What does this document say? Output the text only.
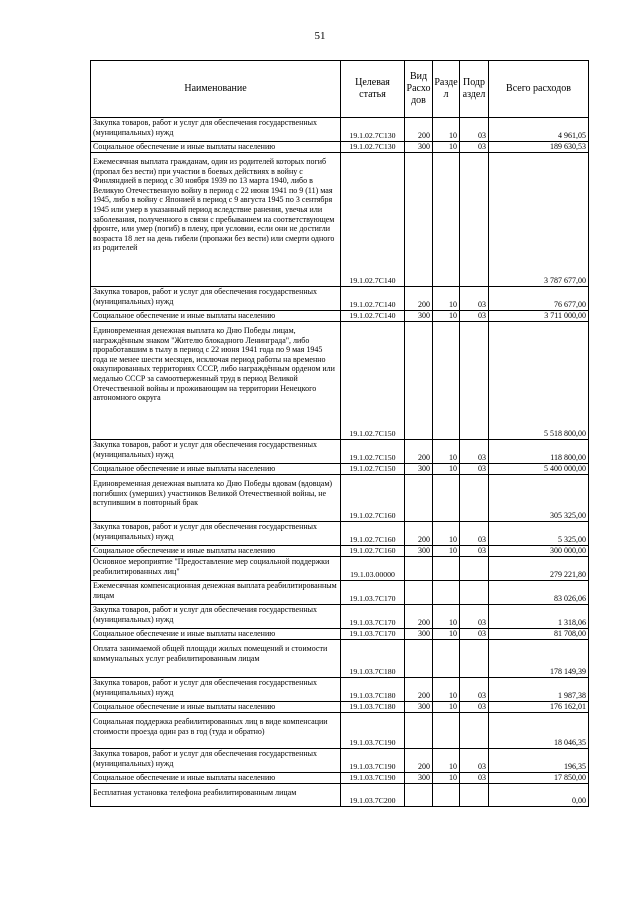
51
Наименование	Целевая статья	Вид Расхо дов	Разде л	Подр аздел	Всего расходов
Закупка товаров, работ и услуг для обеспечения государственных (муниципальных) нужд	19.1.02.7С130	200	10	03	4 961,05
Социальное обеспечение и иные выплаты населению	19.1.02.7С130	300	10	03	189 630,53
Ежемесячная выплата гражданам, один из родителей которых погиб (пропал без вести) при участии в боевых действиях в войну с Финляндией в период с 30 ноября 1939 по 13 марта 1940, либо в Великую Отечественную войну в период с 22 июня 1941 по 9 (11) мая 1945, либо в войну с Японией в период с 9 августа 1945 по 3 сентября 1945 или умер в указанный период вследствие ранения, увечья или заболевания, полученного в связи с пребыванием на соответствующем фронте, или умер (погиб) в плену, при условии, если они не достигли возраста 18 лет на день гибели (пропажи без вести) или смерти одного из родителей	19.1.02.7С140				3 787 677,00
Закупка товаров, работ и услуг для обеспечения государственных (муниципальных) нужд	19.1.02.7С140	200	10	03	76 677,00
Социальное обеспечение и иные выплаты населению	19.1.02.7С140	300	10	03	3 711 000,00
Единовременная денежная выплата ко Дню Победы лицам, награждённым знаком "Жителю блокадного Ленинграда", либо проработавшим в тылу в период с 22 июня 1941 года по 9 мая 1945 года не менее шести месяцев, исключая период работы на временно оккупированных территориях СССР, либо награждённым орденом или медалью СССР за самоотверженный труд в период Великой Отечественной войны и проживающим на территории Ненецкого автономного округа	19.1.02.7С150				5 518 800,00
Закупка товаров, работ и услуг для обеспечения государственных (муниципальных) нужд	19.1.02.7С150	200	10	03	118 800,00
Социальное обеспечение и иные выплаты населению	19.1.02.7С150	300	10	03	5 400 000,00
Единовременная денежная выплата ко Дню Победы вдовам (вдовцам) погибших (умерших) участников Великой Отечественной войны, не вступившим в повторный брак	19.1.02.7С160				305 325,00
Закупка товаров, работ и услуг для обеспечения государственных (муниципальных) нужд	19.1.02.7С160	200	10	03	5 325,00
Социальное обеспечение и иные выплаты населению	19.1.02.7С160	300	10	03	300 000,00
Основное мероприятие "Предоставление мер социальной поддержки реабилитированных лиц"	19.1.03.00000				279 221,80
Ежемесячная компенсационная денежная выплата реабилитированным лицам	19.1.03.7С170				83 026,06
Закупка товаров, работ и услуг для обеспечения государственных (муниципальных) нужд	19.1.03.7С170	200	10	03	1 318,06
Социальное обеспечение и иные выплаты населению	19.1.03.7С170	300	10	03	81 708,00
Оплата занимаемой общей площади жилых помещений и стоимости коммунальных услуг реабилитированным лицам	19.1.03.7С180				178 149,39
Закупка товаров, работ и услуг для обеспечения государственных (муниципальных) нужд	19.1.03.7С180	200	10	03	1 987,38
Социальное обеспечение и иные выплаты населению	19.1.03.7С180	300	10	03	176 162,01
Социальная поддержка реабилитированных лиц в виде компенсации стоимости проезда один раз в год (туда и обратно)	19.1.03.7С190				18 046,35
Закупка товаров, работ и услуг для обеспечения государственных (муниципальных) нужд	19.1.03.7С190	200	10	03	196,35
Социальное обеспечение и иные выплаты населению	19.1.03.7С190	300	10	03	17 850,00
Бесплатная установка телефона реабилитированным лицам	19.1.03.7С200				0,00
